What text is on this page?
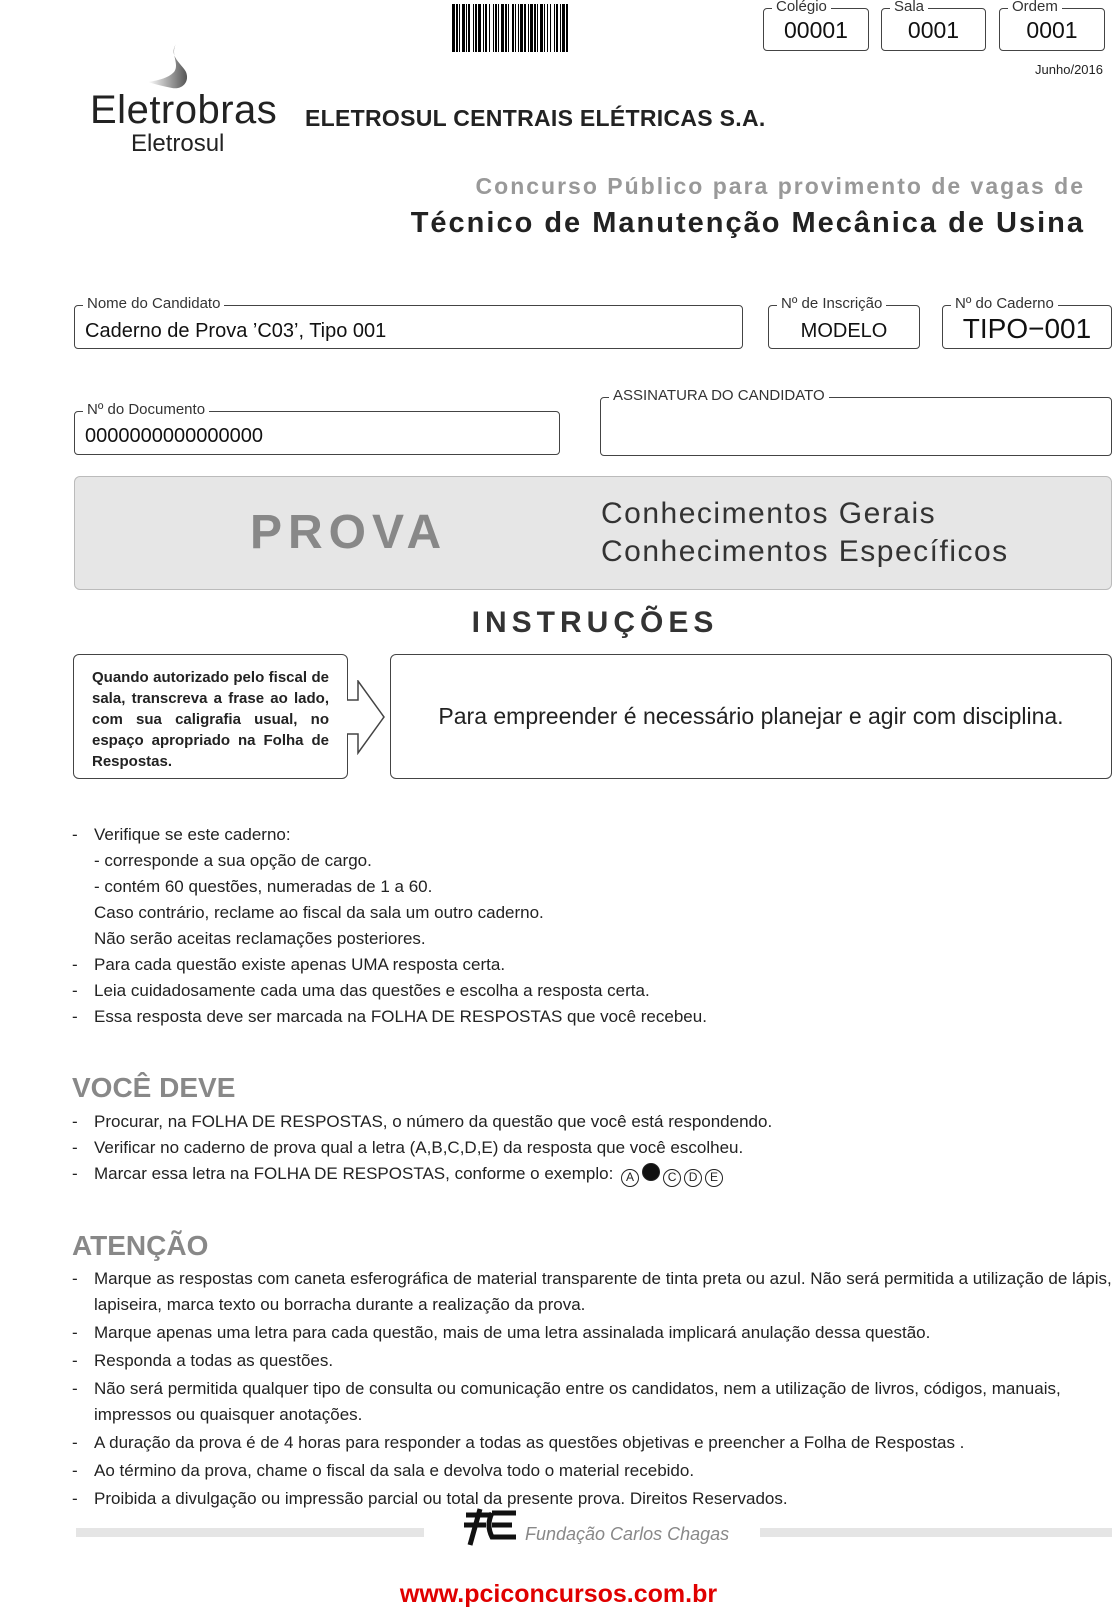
Colégio
00001
Sala
0001
Ordem
0001
Junho/2016
Eletrobras
Eletrosul
ELETROSUL CENTRAIS ELÉTRICAS S.A.
Concurso Público para provimento de vagas de
Técnico de Manutenção Mecânica de Usina
Nome do Candidato
Caderno de Prova ’C03’, Tipo 001
Nº de Inscrição
MODELO
Nº do Caderno
TIPO−001
Nº do Documento
0000000000000000
ASSINATURA DO CANDIDATO
PROVA	Conhecimentos Gerais
Conhecimentos Específicos
INSTRUÇÕES
Quando autorizado pelo fiscal de sala, transcreva a frase ao lado, com sua caligrafia usual, no espaço apropriado na Folha de Respostas.
Para empreender é necessário planejar e agir com disciplina.
- Verifique se este caderno:
- corresponde a sua opção de cargo.
- contém 60 questões, numeradas de 1 a 60.
Caso contrário, reclame ao fiscal da sala um outro caderno.
Não serão aceitas reclamações posteriores.
- Para cada questão existe apenas UMA resposta certa.
- Leia cuidadosamente cada uma das questões e escolha a resposta certa.
- Essa resposta deve ser marcada na FOLHA DE RESPOSTAS que você recebeu.
VOCÊ DEVE
- Procurar, na FOLHA DE RESPOSTAS, o número da questão que você está respondendo.
- Verificar no caderno de prova qual a letra (A,B,C,D,E) da resposta que você escolheu.
- Marcar essa letra na FOLHA DE RESPOSTAS, conforme o exemplo: A	C D E
ATENÇÃO
- Marque as respostas com caneta esferográfica de material transparente de tinta preta ou azul. Não será permitida a utilização de lápis, lapiseira, marca texto ou borracha durante a realização da prova.
- Marque apenas uma letra para cada questão, mais de uma letra assinalada implicará anulação dessa questão.
- Responda a todas as questões.
- Não será permitida qualquer tipo de consulta ou comunicação entre os candidatos, nem a utilização de livros, códigos, manuais, impressos ou quaisquer anotações.
- A duração da prova é de 4 horas para responder a todas as questões objetivas e preencher a Folha de Respostas .
- Ao término da prova, chame o fiscal da sala e devolva todo o material recebido.
- Proibida a divulgação ou impressão parcial ou total da presente prova. Direitos Reservados.
Fundação Carlos Chagas
www.pciconcursos.com.br
